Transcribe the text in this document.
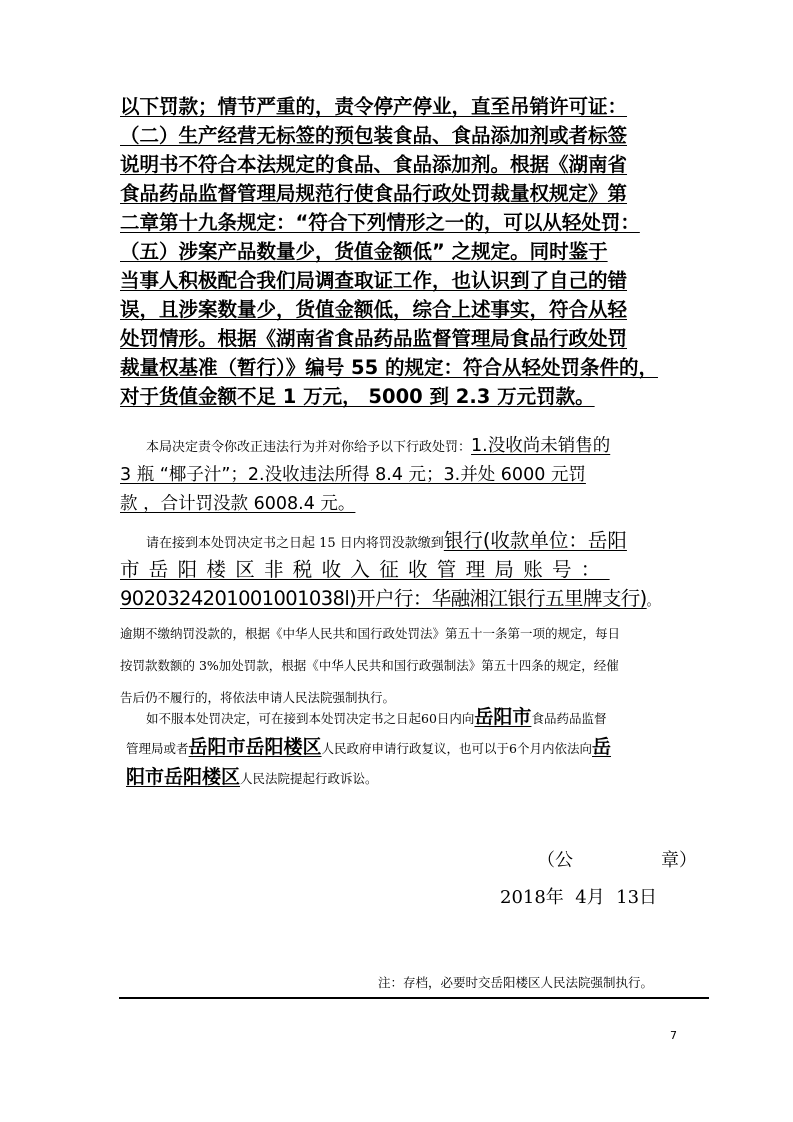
以下罚款；情节严重的，责令停产停业，直至吊销许可证：
（二）生产经营无标签的预包装食品、食品添加剂或者标签
说明书不符合本法规定的食品、食品添加剂。根据《湖南省
食品药品监督管理局规范行使食品行政处罚裁量权规定》第
二章第十九条规定：“符合下列情形之一的，可以从轻处罚：
（五）涉案产品数量少，货值金额低” 之规定。同时鉴于
当事人积极配合我们局调查取证工作，也认识到了自己的错
误，且涉案数量少，货值金额低，综合上述事实，符合从轻
处罚情形。根据《湖南省食品药品监督管理局食品行政处罚
裁量权基准（暂行）》编号 55 的规定：符合从轻处罚条件的，
对于货值金额不足 1 万元， 5000 到 2.3 万元罚款。
本局决定责令你改正违法行为并对你给予以下行政处罚：1.没收尚未销售的
3 瓶 “椰子汁”；2.没收违法所得 8.4 元；3.并处 6000 元罚
款 ，合计罚没款 6008.4 元。
请在接到本处罚决定书之日起 15 日内将罚没款缴到银行(收款单位：岳阳
市岳阳楼区非税收入征收管理局账号：
9020324201001001038l)开户行：华融湘江银行五里牌支行)。
逾期不缴纳罚没款的，根据《中华人民共和国行政处罚法》第五十一条第一项的规定，每日
按罚款数额的 3%加处罚款，根据《中华人民共和国行政强制法》第五十四条的规定，经催
告后仍不履行的，将依法申请人民法院强制执行。
如不服本处罚决定，可在接到本处罚决定书之日起60日内向岳阳市食品药品监督
管理局或者岳阳市岳阳楼区人民政府申请行政复议，也可以于6个月内依法向岳
阳市岳阳楼区人民法院提起行政诉讼。
（公	章）
2018年  4月  13日
注：存档，必要时交岳阳楼区人民法院强制执行。
7
